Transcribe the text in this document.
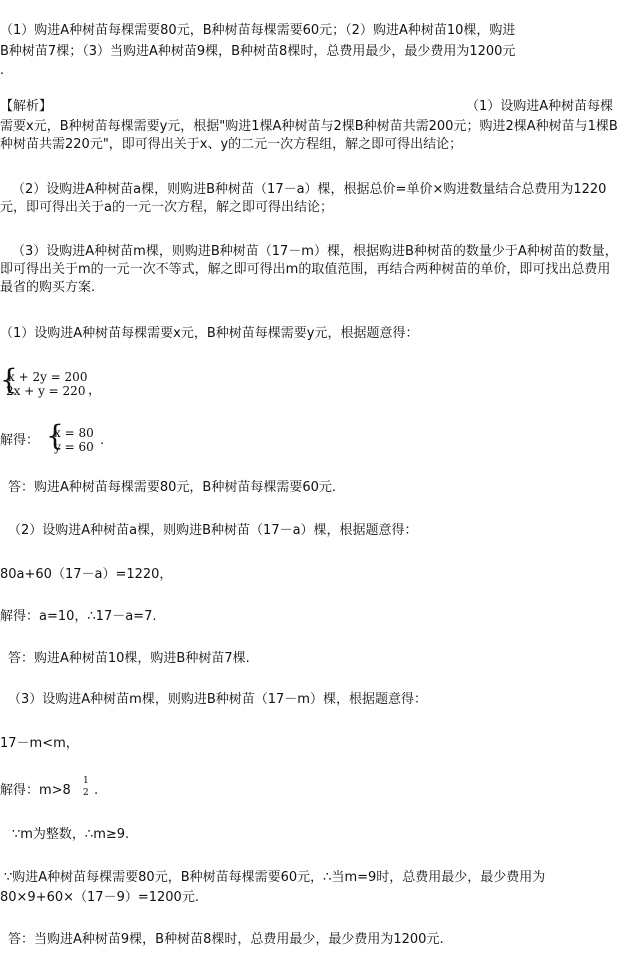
（1）购进A种树苗每棵需要80元，B种树苗每棵需要60元；（2）购进A种树苗10棵，购进
B种树苗7棵；（3）当购进A种树苗9棵，B种树苗8棵时，总费用最少，最少费用为1200元
.
【解析】	（1）设购进A种树苗每棵
需要x元，B种树苗每棵需要y元，根据"购进1棵A种树苗与2棵B种树苗共需200元；购进2棵A种树苗与1棵B种树苗共需220元"，即可得出关于x、y的二元一次方程组，解之即可得出结论；
（2）设购进A种树苗a棵，则购进B种树苗（17－a）棵，根据总价=单价×购进数量结合总费用为1220元，即可得出关于a的一元一次方程，解之即可得出结论；
（3）设购进A种树苗m棵，则购进B种树苗（17－m）棵，根据购进B种树苗的数量少于A种树苗的数量，即可得出关于m的一元一次不等式，解之即可得出m的取值范围，再结合两种树苗的单价，即可找出总费用最省的购买方案.
（1）设购进A种树苗每棵需要x元，B种树苗每棵需要y元，根据题意得：
{
x + 2y = 200
2x + y = 220 ，
解得： {
x = 80
y = 60 .
答：购进A种树苗每棵需要80元，B种树苗每棵需要60元.
（2）设购进A种树苗a棵，则购进B种树苗（17－a）棵，根据题意得：
80a+60（17－a）=1220，
解得：a=10，∴17－a=7.
答：购进A种树苗10棵，购进B种树苗7棵.
（3）设购进A种树苗m棵，则购进B种树苗（17－m）棵，根据题意得：
17－m<m，
解得：m>8
1
2 .
∵m为整数，∴m≥9.
∵购进A种树苗每棵需要80元，B种树苗每棵需要60元，∴当m=9时，总费用最少，最少费用为
80×9+60×（17－9）=1200元.
答：当购进A种树苗9棵，B种树苗8棵时，总费用最少，最少费用为1200元.
